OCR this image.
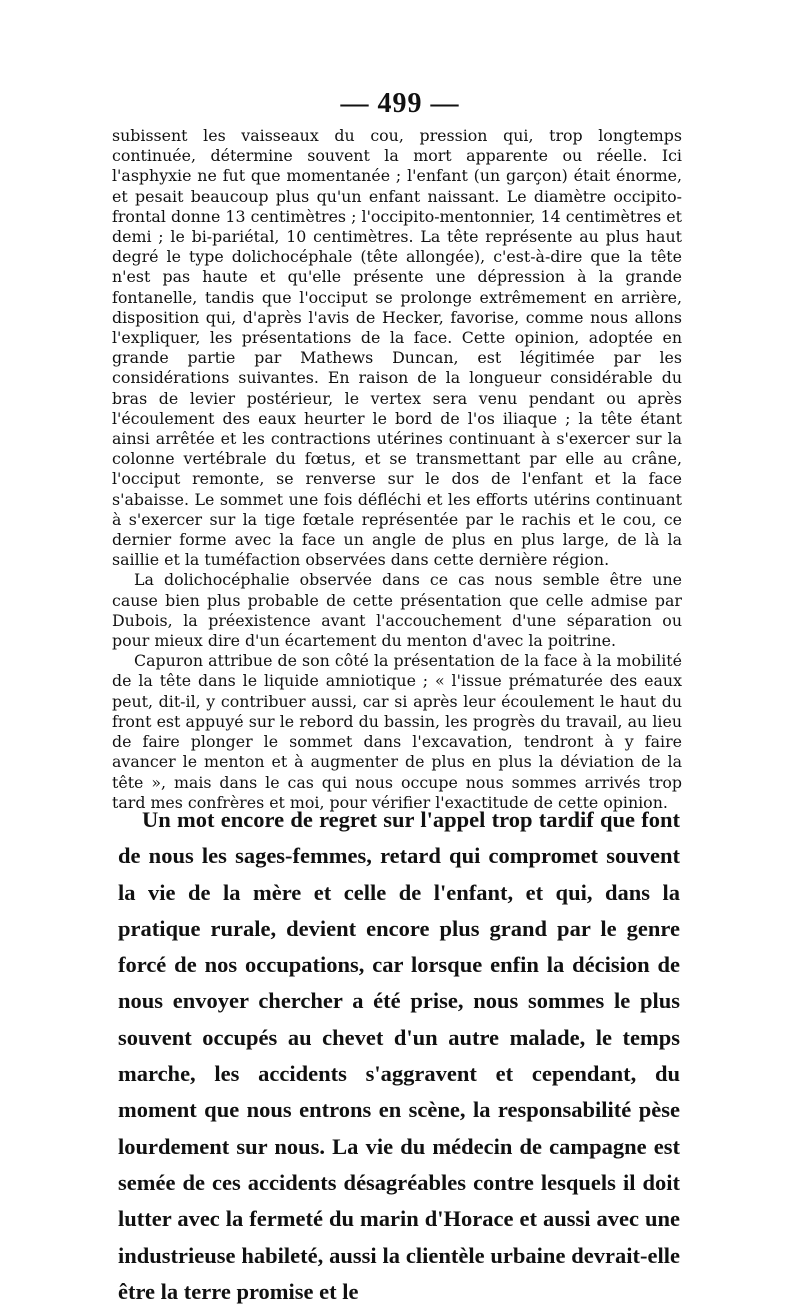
— 499 —

subissent les vaisseaux du cou, pression qui, trop longtemps continuée, détermine souvent la mort apparente ou réelle. Ici l'asphyxie ne fut que momentanée ; l'enfant (un garçon) était énorme, et pesait beaucoup plus qu'un enfant naissant. Le diamètre occipito-frontal donne 13 centimètres ; l'occipito-mentonnier, 14 centimètres et demi ; le bi-pariétal, 10 centimètres. La tête représente au plus haut degré le type dolichocéphale (tête allongée), c'est-à-dire que la tête n'est pas haute et qu'elle présente une dépression à la grande fontanelle, tandis que l'occiput se prolonge extrêmement en arrière, disposition qui, d'après l'avis de Hecker, favorise, comme nous allons l'expliquer, les présentations de la face. Cette opinion, adoptée en grande partie par Mathews Duncan, est légitimée par les considérations suivantes. En raison de la longueur considérable du bras de levier postérieur, le vertex sera venu pendant ou après l'écoulement des eaux heurter le bord de l'os iliaque ; la tête étant ainsi arrêtée et les contractions utérines continuant à s'exercer sur la colonne vertébrale du fœtus, et se transmettant par elle au crâne, l'occiput remonte, se renverse sur le dos de l'enfant et la face s'abaisse. Le sommet une fois défléchi et les efforts utérins continuant à s'exercer sur la tige fœtale représentée par le rachis et le cou, ce dernier forme avec la face un angle de plus en plus large, de là la saillie et la tuméfaction observées dans cette dernière région.

La dolichocéphalie observée dans ce cas nous semble être une cause bien plus probable de cette présentation que celle admise par Dubois, la préexistence avant l'accouchement d'une séparation ou pour mieux dire d'un écartement du menton d'avec la poitrine.

Capuron attribue de son côté la présentation de la face à la mobilité de la tête dans le liquide amniotique ; « l'issue prématurée des eaux peut, dit-il, y contribuer aussi, car si après leur écoulement le haut du front est appuyé sur le rebord du bassin, les progrès du travail, au lieu de faire plonger le sommet dans l'excavation, tendront à y faire avancer le menton et à augmenter de plus en plus la déviation de la tête », mais dans le cas qui nous occupe nous sommes arrivés trop tard mes confrères et moi, pour vérifier l'exactitude de cette opinion.

Un mot encore de regret sur l'appel trop tardif que font de nous les sages-femmes, retard qui compromet souvent la vie de la mère et celle de l'enfant, et qui, dans la pratique rurale, devient encore plus grand par le genre forcé de nos occupations, car lorsque enfin la décision de nous envoyer chercher a été prise, nous sommes le plus souvent occupés au chevet d'un autre malade, le temps marche, les accidents s'aggravent et cependant, du moment que nous entrons en scène, la responsabilité pèse lourdement sur nous. La vie du médecin de campagne est semée de ces accidents désagréables contre lesquels il doit lutter avec la fermeté du marin d'Horace et aussi avec une industrieuse habileté, aussi la clientèle urbaine devrait-elle être la terre promise et le
